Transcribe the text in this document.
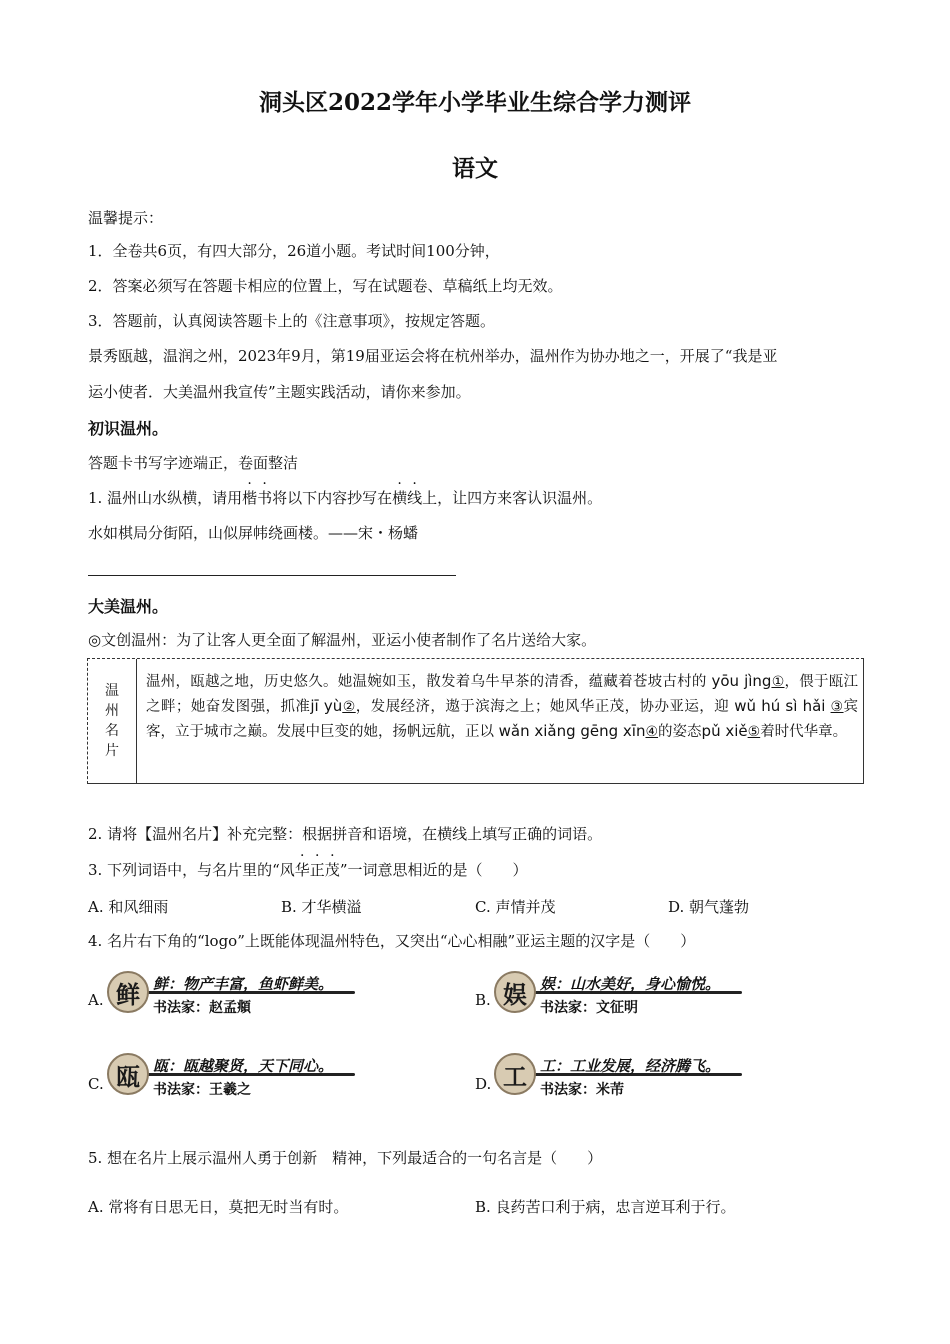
洞头区2022学年小学毕业生综合学力测评
语文
温馨提示：
1．全卷共6页，有四大部分，26道小题。考试时间100分钟，
2．答案必须写在答题卡相应的位置上，写在试题卷、草稿纸上均无效。
3．答题前，认真阅读答题卡上的《注意事项》，按规定答题。
景秀瓯越，温润之州，2023年9月，第19届亚运会将在杭州举办，温州作为协办地之一，开展了“我是亚
运小使者．大美温州我宣传”主题实践活动，请你来参加。
初识温州。
答题卡书写字迹端正，卷面整洁
1. 温州山水纵横，请用楷书将以下内容抄写在横线上，让四方来客认识温州。
水如棋局分街陌，山似屏帏绕画楼。——宋・杨蟠
大美温州。
◎文创温州：为了让客人更全面了解温州，亚运小使者制作了名片送给大家。
温
州
名
片
温州，瓯越之地，历史悠久。她温婉如玉，散发着乌牛早茶的清香，蕴藏着苍坡古村的 yōu jìng①，偎于瓯江之畔；她奋发图强，抓准jī yù②，发展经济，遨于滨海之上；她风华正茂，协办亚运，迎 wǔ hú sì hǎi ③宾客，立于城市之巅。发展中巨变的她，扬帆远航，正以 wǎn xiǎng gēng xīn④的姿态pǔ xiě⑤着时代华章。
2. 请将【温州名片】补充完整：根据拼音和语境，在横线上填写正确的词语。
3. 下列词语中，与名片里的“风华正茂”一词意思相近的是（　　）
A. 和风细雨	B. 才华横溢	C. 声情并茂	D. 朝气蓬勃
4. 名片右下角的“logo”上既能体现温州特色，又突出“心心相融”亚运主题的汉字是（　　）
A. 鲜 鲜：物产丰富，鱼虾鲜美。
书法家：赵孟頫	B. 娱 娱：山水美好，身心愉悦。
书法家：文征明
C. 瓯 瓯：瓯越聚贤，天下同心。
书法家：王羲之	D. 工 工：工业发展，经济腾飞。
书法家：米芾
5. 想在名片上展示温州人勇于创新　精神，下列最适合的一句名言是（　　）
A. 常将有日思无日，莫把无时当有时。	B. 良药苦口利于病，忠言逆耳利于行。
